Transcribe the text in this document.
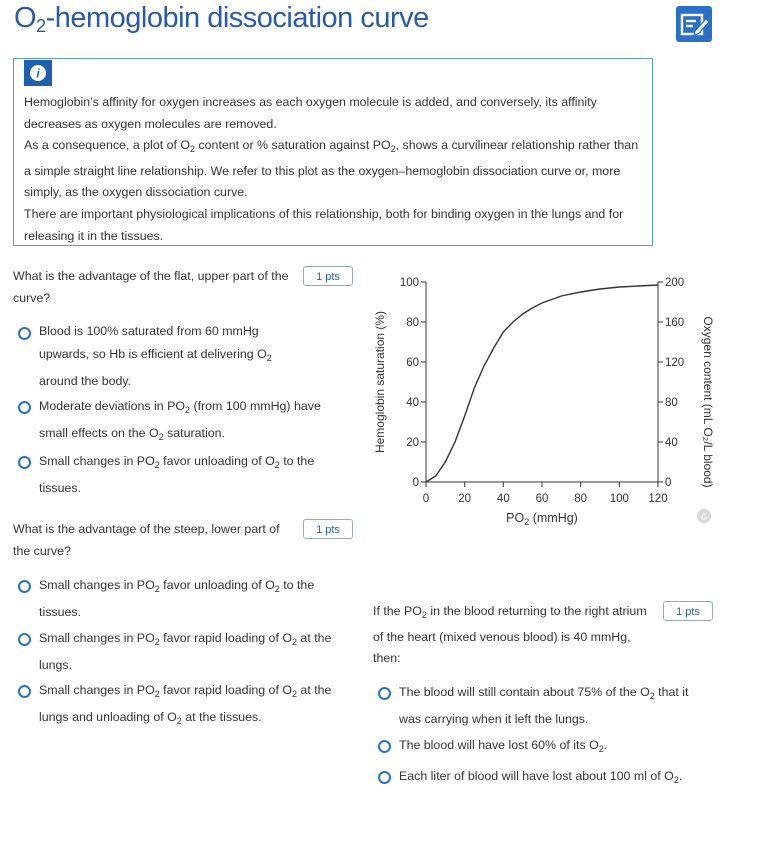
$O_2$-hemoglobin dissociation curve
i
Hemoglobin’s affinity for oxygen increases as each oxygen molecule is added, and conversely, its affinity decreases as oxygen molecules are removed.
As a consequence, a plot of $O_2$ content or % saturation against $PO_2$, shows a curvilinear relationship rather than a simple straight line relationship. We refer to this plot as the oxygen–hemoglobin dissociation curve or, more simply, as the oxygen dissociation curve.
There are important physiological implications of this relationship, both for binding oxygen in the lungs and for releasing it in the tissues.
What is the advantage of the flat, upper part of the curve?
1 pts
Blood is 100% saturated from 60 mmHg upwards, so Hb is efficient at delivering $O_2$ around the body.
Moderate deviations in $PO_2$ (from 100 mmHg) have small effects on the $O_2$ saturation.
Small changes in $PO_2$ favor unloading of $O_2$ to the tissues.
What is the advantage of the steep, lower part of the curve?
1 pts
Small changes in $PO_2$ favor unloading of $O_2$ to the tissues.
Small changes in $PO_2$ favor rapid loading of $O_2$ at the lungs.
Small changes in $PO_2$ favor rapid loading of $O_2$ at the lungs and unloading of $O_2$ at the tissues.
0
20
40
60
80
100
0
40
80
120
160
200
0	20 40 60 80 100 120
$PO_2$ (mmHg)
Hemoglobin saturation (%)	Oxygen content (mL O₂/L blood)
©
If the $PO_2$ in the blood returning to the right atrium of the heart (mixed venous blood) is 40 mmHg, then:
1 pts
The blood will still contain about 75% of the $O_2$ that it was carrying when it left the lungs.
The blood will have lost 60% of its $O_2$.
Each liter of blood will have lost about 100 ml of $O_2$.
